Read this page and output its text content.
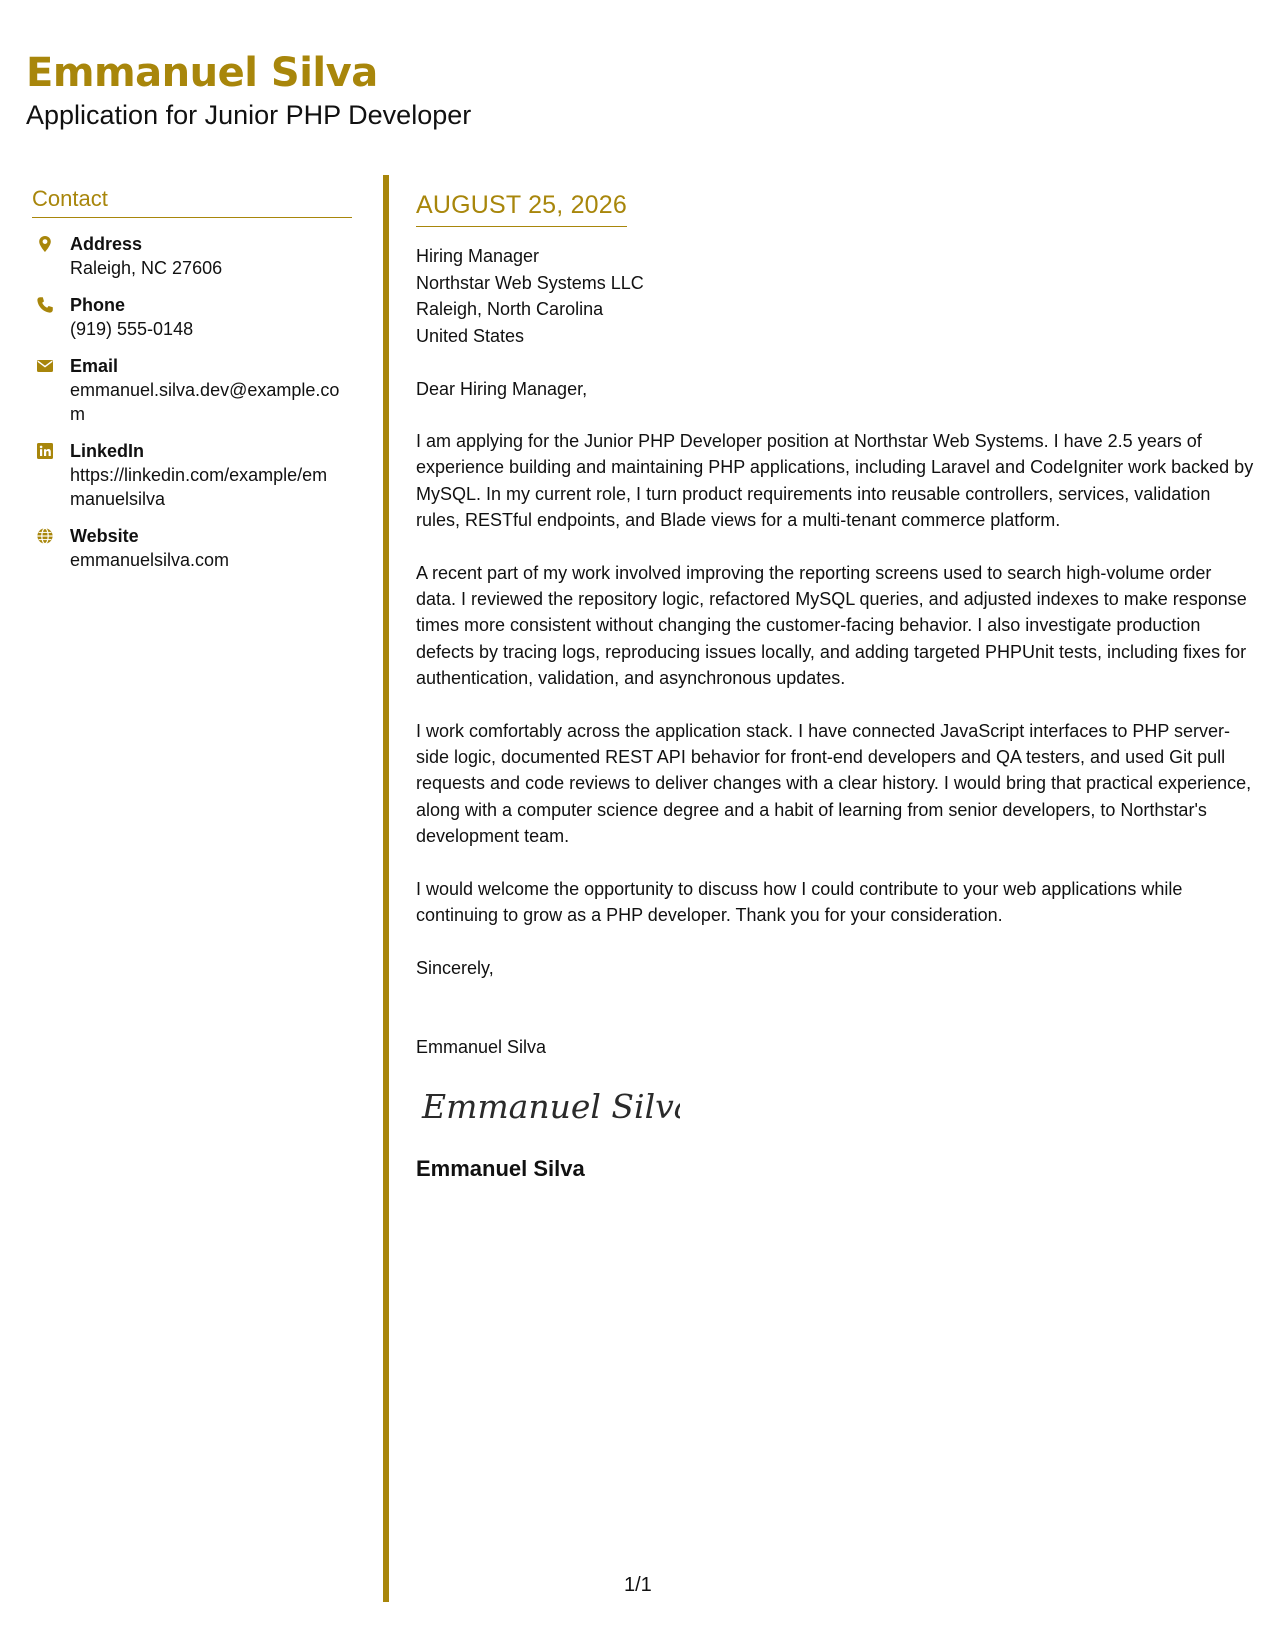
Emmanuel Silva

Application for Junior PHP Developer

Contact
Address
Raleigh, NC 27606
Phone
(919) 555-0148
Email
emmanuel.silva.dev@example.com
LinkedIn
https://linkedin.com/example/emmanuelsilva
Website
emmanuelsilva.com
AUGUST 25, 2026
Hiring Manager
Northstar Web Systems LLC
Raleigh, North Carolina
United States
Dear Hiring Manager,
I am applying for the Junior PHP Developer position at Northstar Web Systems. I have 2.5 years of experience building and maintaining PHP applications, including Laravel and CodeIgniter work backed by MySQL. In my current role, I turn product requirements into reusable controllers, services, validation rules, RESTful endpoints, and Blade views for a multi-tenant commerce platform.
A recent part of my work involved improving the reporting screens used to search high-volume order data. I reviewed the repository logic, refactored MySQL queries, and adjusted indexes to make response times more consistent without changing the customer-facing behavior. I also investigate production defects by tracing logs, reproducing issues locally, and adding targeted PHPUnit tests, including fixes for authentication, validation, and asynchronous updates.
I work comfortably across the application stack. I have connected JavaScript interfaces to PHP server-side logic, documented REST API behavior for front-end developers and QA testers, and used Git pull requests and code reviews to deliver changes with a clear history. I would bring that practical experience, along with a computer science degree and a habit of learning from senior developers, to Northstar's development team.
I would welcome the opportunity to discuss how I could contribute to your web applications while continuing to grow as a PHP developer. Thank you for your consideration.
Sincerely,
Emmanuel Silva
Emmanuel Silva
Emmanuel Silva
1/1
